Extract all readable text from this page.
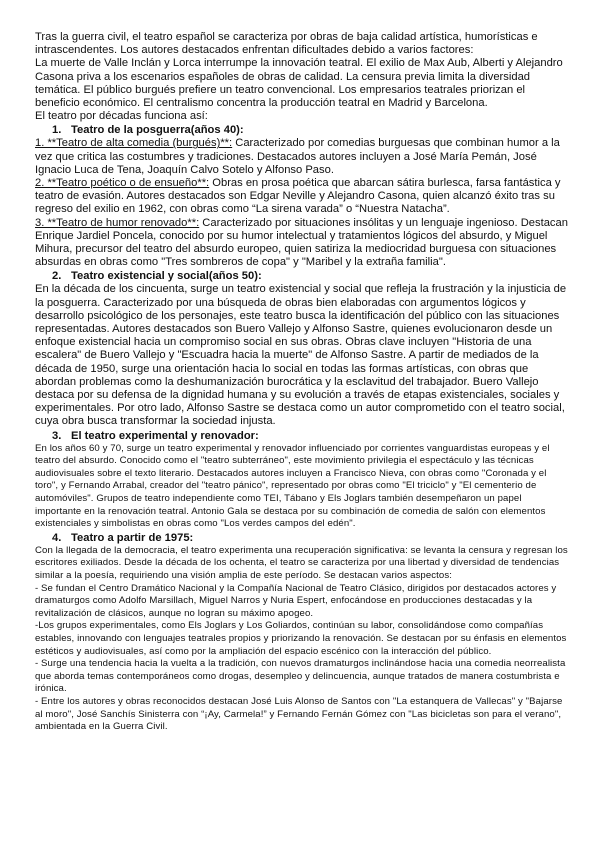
Tras la guerra civil, el teatro español se caracteriza por obras de baja calidad artística, humorísticas e intrascendentes. Los autores destacados enfrentan dificultades debido a varios factores:

La muerte de Valle Inclán y Lorca interrumpe la innovación teatral. El exilio de Max Aub, Alberti y Alejandro Casona priva a los escenarios españoles de obras de calidad. La censura previa limita la diversidad temática. El público burgués prefiere un teatro convencional. Los empresarios teatrales priorizan el beneficio económico. El centralismo concentra la producción teatral en Madrid y Barcelona.

El teatro por décadas funciona así:

1. Teatro de la posguerra(años 40):

1. **Teatro de alta comedia (burgués)**: Caracterizado por comedias burguesas que combinan humor a la vez que critica las costumbres y tradiciones. Destacados autores incluyen a José María Pemán, José Ignacio Luca de Tena, Joaquín Calvo Sotelo y Alfonso Paso.

2. **Teatro poético o de ensueño**: Obras en prosa poética que abarcan sátira burlesca, farsa fantástica y teatro de evasión. Autores destacados son Edgar Neville y Alejandro Casona, quien alcanzó éxito tras su regreso del exilio en 1962, con obras como “La sirena varada” o “Nuestra Natacha”.

3. **Teatro de humor renovado**: Caracterizado por situaciones insólitas y un lenguaje ingenioso. Destacan Enrique Jardiel Poncela, conocido por su humor intelectual y tratamientos lógicos del absurdo, y Miguel Mihura, precursor del teatro del absurdo europeo, quien satiriza la mediocridad burguesa con situaciones absurdas en obras como "Tres sombreros de copa" y "Maribel y la extraña familia".

2. Teatro existencial y social(años 50):

En la década de los cincuenta, surge un teatro existencial y social que refleja la frustración y la injusticia de la posguerra. Caracterizado por una búsqueda de obras bien elaboradas con argumentos lógicos y desarrollo psicológico de los personajes, este teatro busca la identificación del público con las situaciones representadas. Autores destacados son Buero Vallejo y Alfonso Sastre, quienes evolucionaron desde un enfoque existencial hacia un compromiso social en sus obras. Obras clave incluyen "Historia de una escalera" de Buero Vallejo y "Escuadra hacia la muerte" de Alfonso Sastre. A partir de mediados de la década de 1950, surge una orientación hacia lo social en todas las formas artísticas, con obras que abordan problemas como la deshumanización burocrática y la esclavitud del trabajador. Buero Vallejo destaca por su defensa de la dignidad humana y su evolución a través de etapas existenciales, sociales y experimentales. Por otro lado, Alfonso Sastre se destaca como un autor comprometido con el teatro social, cuya obra busca transformar la sociedad injusta.

3. El teatro experimental y renovador:

En los años 60 y 70, surge un teatro experimental y renovador influenciado por corrientes vanguardistas europeas y el teatro del absurdo. Conocido como el "teatro subterráneo", este movimiento privilegia el espectáculo y las técnicas audiovisuales sobre el texto literario. Destacados autores incluyen a Francisco Nieva, con obras como "Coronada y el toro", y Fernando Arrabal, creador del "teatro pánico", representado por obras como "El triciclo" y "El cementerio de automóviles". Grupos de teatro independiente como TEI, Tábano y Els Joglars también desempeñaron un papel importante en la renovación teatral. Antonio Gala se destaca por su combinación de comedia de salón con elementos existenciales y simbolistas en obras como "Los verdes campos del edén".

4. Teatro a partir de 1975:

Con la llegada de la democracia, el teatro experimenta una recuperación significativa: se levanta la censura y regresan los escritores exiliados. Desde la década de los ochenta, el teatro se caracteriza por una libertad y diversidad de tendencias similar a la poesía, requiriendo una visión amplia de este período. Se destacan varios aspectos:

- Se fundan el Centro Dramático Nacional y la Compañía Nacional de Teatro Clásico, dirigidos por destacados actores y dramaturgos como Adolfo Marsillach, Miguel Narros y Nuria Espert, enfocándose en producciones destacadas y la revitalización de clásicos, aunque no logran su máximo apogeo.

-Los grupos experimentales, como Els Joglars y Los Goliardos, continúan su labor, consolidándose como compañías estables, innovando con lenguajes teatrales propios y priorizando la renovación. Se destacan por su énfasis en elementos estéticos y audiovisuales, así como por la ampliación del espacio escénico con la interacción del público.

- Surge una tendencia hacia la vuelta a la tradición, con nuevos dramaturgos inclinándose hacia una comedia neorrealista que aborda temas contemporáneos como drogas, desempleo y delincuencia, aunque tratados de manera costumbrista e irónica.

- Entre los autores y obras reconocidos destacan José Luis Alonso de Santos con "La estanquera de Vallecas" y "Bajarse al moro", José Sanchís Sinisterra con “¡Ay, Carmela!” y Fernando Fernán Gómez con "Las bicicletas son para el verano", ambientada en la Guerra Civil.
